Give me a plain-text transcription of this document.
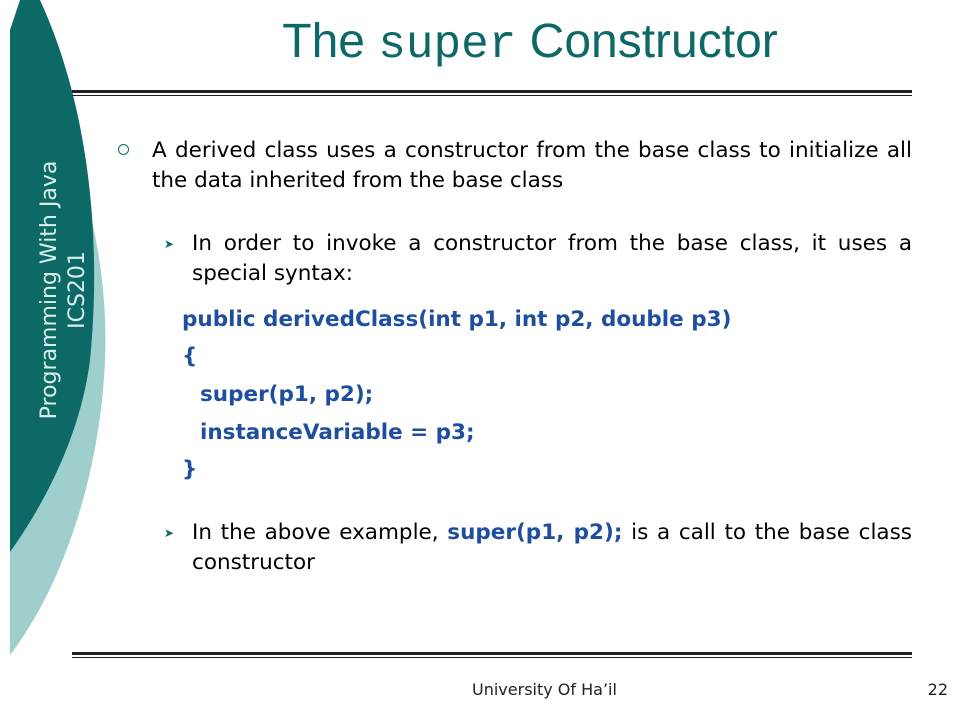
Programming With Java ICS201
The super Constructor
A derived class uses a constructor from the base class to initialize all the data inherited from the base class
➤ In order to invoke a constructor from the base class, it uses a special syntax:
public derivedClass(int p1, int p2, double p3)
{
super(p1, p2);
instanceVariable = p3;
}
➤ In the above example, super(p1, p2); is a call to the base class constructor
University Of Ha’il	22
